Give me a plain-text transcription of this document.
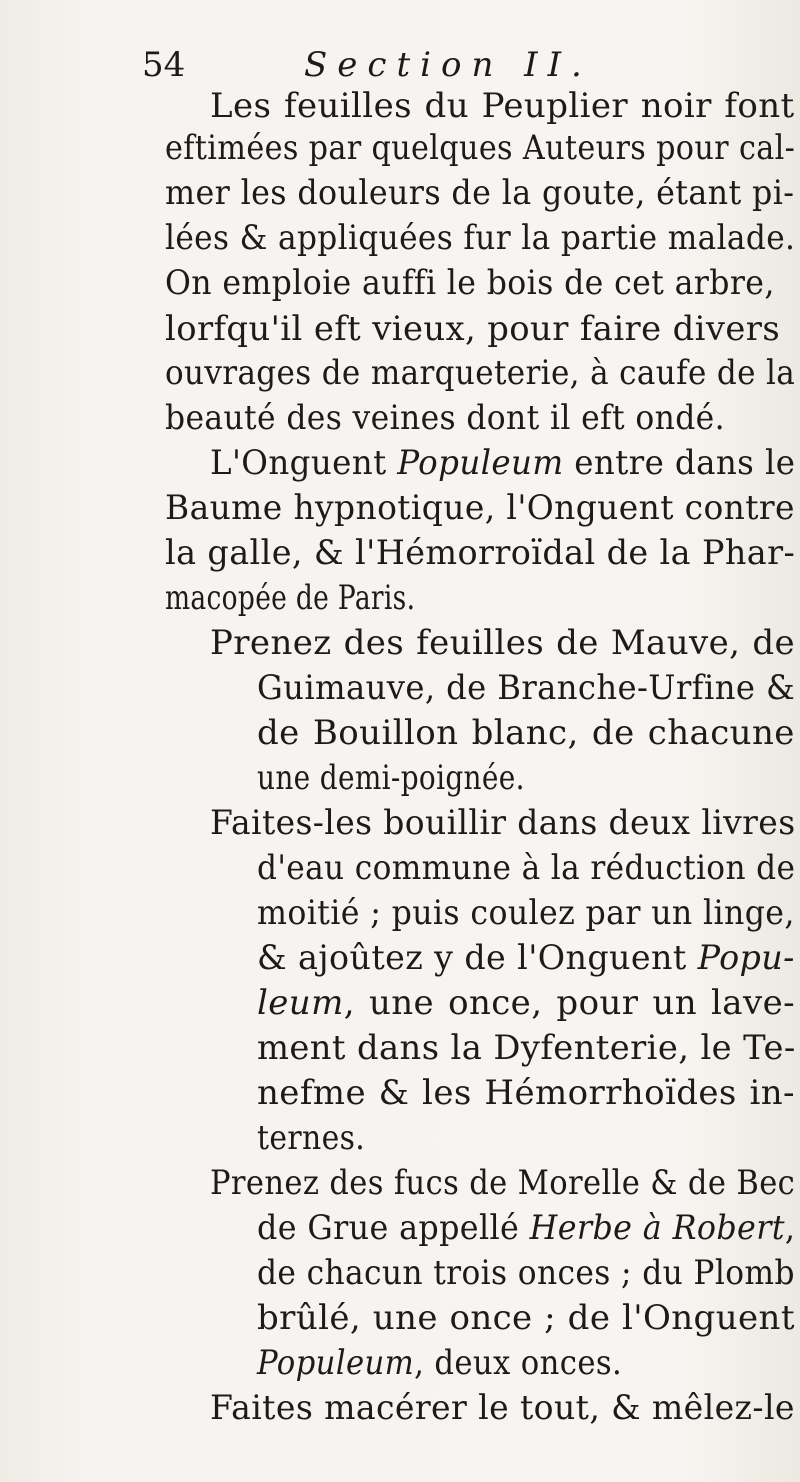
54	Section II.
Les feuilles du Peuplier noir font
eftimées par quelques Auteurs pour cal-
mer les douleurs de la goute, étant pi-
lées & appliquées fur la partie malade.
On emploie auffi le bois de cet arbre,
lorfqu'il eft vieux, pour faire divers
ouvrages de marqueterie, à caufe de la
beauté des veines dont il eft ondé.
L'Onguent Populeum entre dans le
Baume hypnotique, l'Onguent contre
la galle, & l'Hémorroïdal de la Phar-
macopée de Paris.
Prenez des feuilles de Mauve, de
Guimauve, de Branche-Urfine &
de Bouillon blanc, de chacune
une demi-poignée.
Faites-les bouillir dans deux livres
d'eau commune à la réduction de
moitié ; puis coulez par un linge,
& ajoûtez y de l'Onguent Popu-
leum, une once, pour un lave-
ment dans la Dyfenterie, le Te-
nefme & les Hémorrhoïdes in-
ternes.
Prenez des fucs de Morelle & de Bec
de Grue appellé Herbe à Robert,
de chacun trois onces ; du Plomb
brûlé, une once ; de l'Onguent
Populeum, deux onces.
Faites macérer le tout, & mêlez-le
